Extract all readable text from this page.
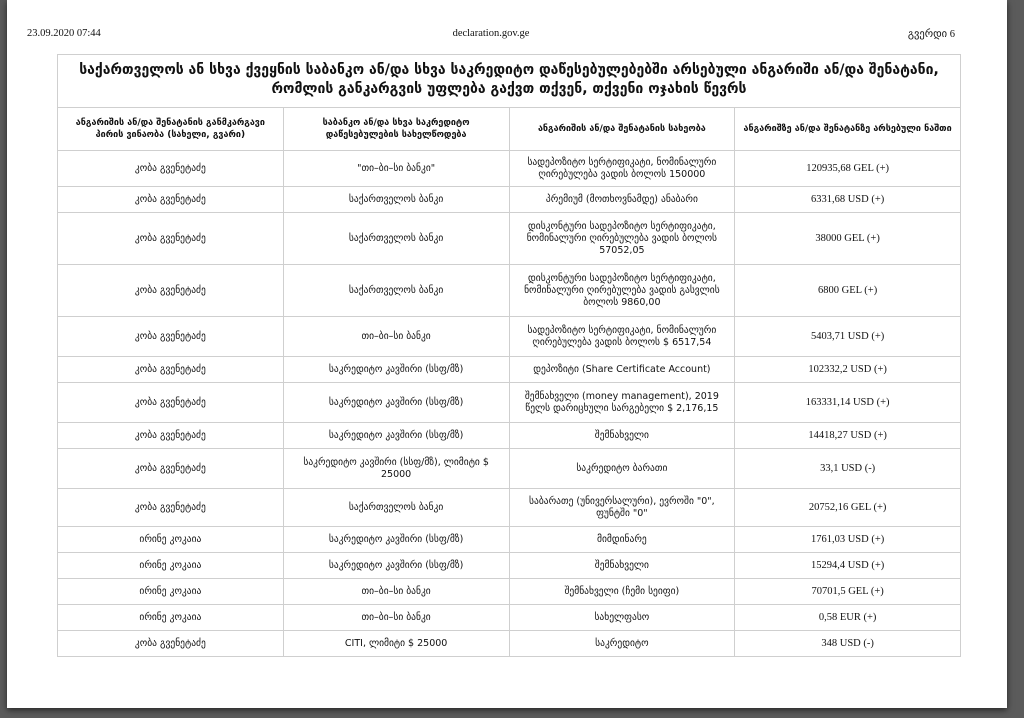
23.09.2020 07:44	declaration.gov.ge	გვერდი 6
საქართველოს ან სხვა ქვეყნის საბანკო ან/და სხვა საკრედიტო დაწესებულებებში არსებული ანგარიში ან/და შენატანი,
რომლის განკარგვის უფლება გაქვთ თქვენ, თქვენი ოჯახის წევრს
ანგარიშის ან/და შენატანის განმკარგავი პირის ვინაობა (სახელი, გვარი)	საბანკო ან/და სხვა საკრედიტო დაწესებულების სახელწოდება	ანგარიშის ან/და შენატანის სახეობა	ანგარიშზე ან/და შენატანზე არსებული ნაშთი
კობა გვენეტაძე	"თი–ბი–სი ბანკი"	სადეპოზიტო სერტიფიკატი, ნომინალური ღირებულება ვადის ბოლოს 150000	120935,68 GEL (+)
კობა გვენეტაძე	საქართველოს ბანკი	პრემიუმ (მოთხოვნამდე) ანაბარი	6331,68 USD (+)
კობა გვენეტაძე	საქართველოს ბანკი	დისკონტური სადეპოზიტო სერტიფიკატი, ნომინალური ღირებულება ვადის ბოლოს 57052,05	38000 GEL (+)
კობა გვენეტაძე	საქართველოს ბანკი	დისკონტური სადეპოზიტო სერტიფიკატი, ნომინალური ღირებულება ვადის გასვლის ბოლოს 9860,00	6800 GEL (+)
კობა გვენეტაძე	თი–ბი–სი ბანკი	სადეპოზიტო სერტიფიკატი, ნომინალური ღირებულება ვადის ბოლოს $ 6517,54	5403,71 USD (+)
კობა გვენეტაძე	საკრედიტო კავშირი (სსფ/მზ)	დეპოზიტი (Share Certificate Account)	102332,2 USD (+)
კობა გვენეტაძე	საკრედიტო კავშირი (სსფ/მზ)	შემნახველი (money management), 2019 წელს დარიცხული სარგებელი $ 2,176,15	163331,14 USD (+)
კობა გვენეტაძე	საკრედიტო კავშირი (სსფ/მზ)	შემნახველი	14418,27 USD (+)
კობა გვენეტაძე	საკრედიტო კავშირი (სსფ/მზ), ლიმიტი $ 25000	საკრედიტო ბარათი	33,1 USD (-)
კობა გვენეტაძე	საქართველოს ბანკი	საბარათე (უნივერსალური), ევროში "0", ფუნტში "0"	20752,16 GEL (+)
ირინე კოკაია	საკრედიტო კავშირი (სსფ/მზ)	მიმდინარე	1761,03 USD (+)
ირინე კოკაია	საკრედიტო კავშირი (სსფ/მზ)	შემნახველი	15294,4 USD (+)
ირინე კოკაია	თი–ბი–სი ბანკი	შემნახველი (ჩემი სეიფი)	70701,5 GEL (+)
ირინე კოკაია	თი–ბი–სი ბანკი	სახელფასო	0,58 EUR (+)
კობა გვენეტაძე	CITI, ლიმიტი $ 25000	საკრედიტო	348 USD (-)
